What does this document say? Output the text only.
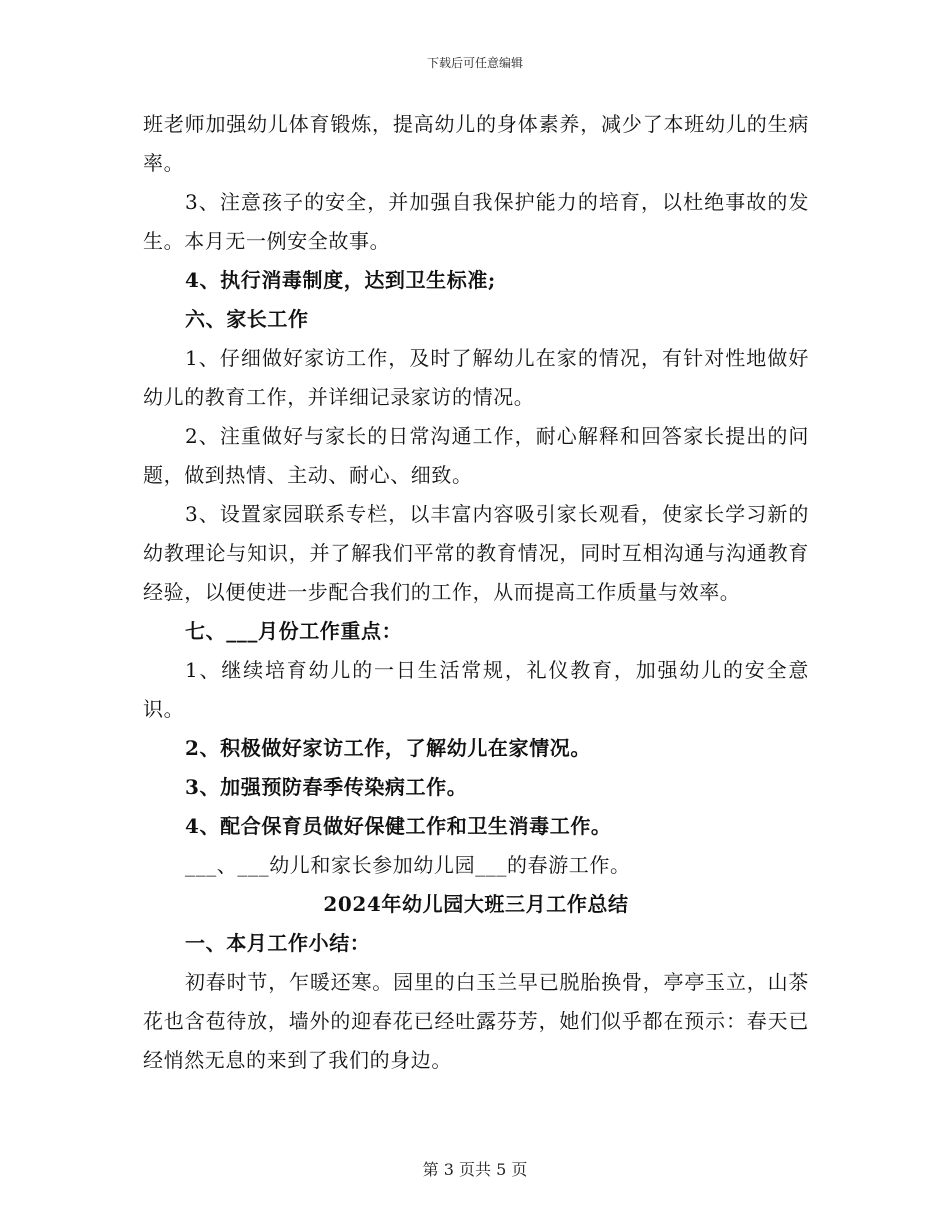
下载后可任意编辑

班老师加强幼儿体育锻炼，提高幼儿的身体素养，减少了本班幼儿的生病率。

3、注意孩子的安全，并加强自我保护能力的培育，以杜绝事故的发生。本月无一例安全故事。

4、执行消毒制度，达到卫生标准;

六、家长工作

1、仔细做好家访工作，及时了解幼儿在家的情况，有针对性地做好幼儿的教育工作，并详细记录家访的情况。

2、注重做好与家长的日常沟通工作，耐心解释和回答家长提出的问题，做到热情、主动、耐心、细致。

3、设置家园联系专栏，以丰富内容吸引家长观看，使家长学习新的幼教理论与知识，并了解我们平常的教育情况，同时互相沟通与沟通教育经验，以便使进一步配合我们的工作，从而提高工作质量与效率。

七、___月份工作重点：

1、继续培育幼儿的一日生活常规，礼仪教育，加强幼儿的安全意识。

2、积极做好家访工作，了解幼儿在家情况。

3、加强预防春季传染病工作。

4、配合保育员做好保健工作和卫生消毒工作。

___、___幼儿和家长参加幼儿园___的春游工作。

2024年幼儿园大班三月工作总结

一、本月工作小结：

初春时节，乍暖还寒。园里的白玉兰早已脱胎换骨，亭亭玉立，山茶花也含苞待放，墙外的迎春花已经吐露芬芳，她们似乎都在预示：春天已经悄然无息的来到了我们的身边。

第 3 页共 5 页
